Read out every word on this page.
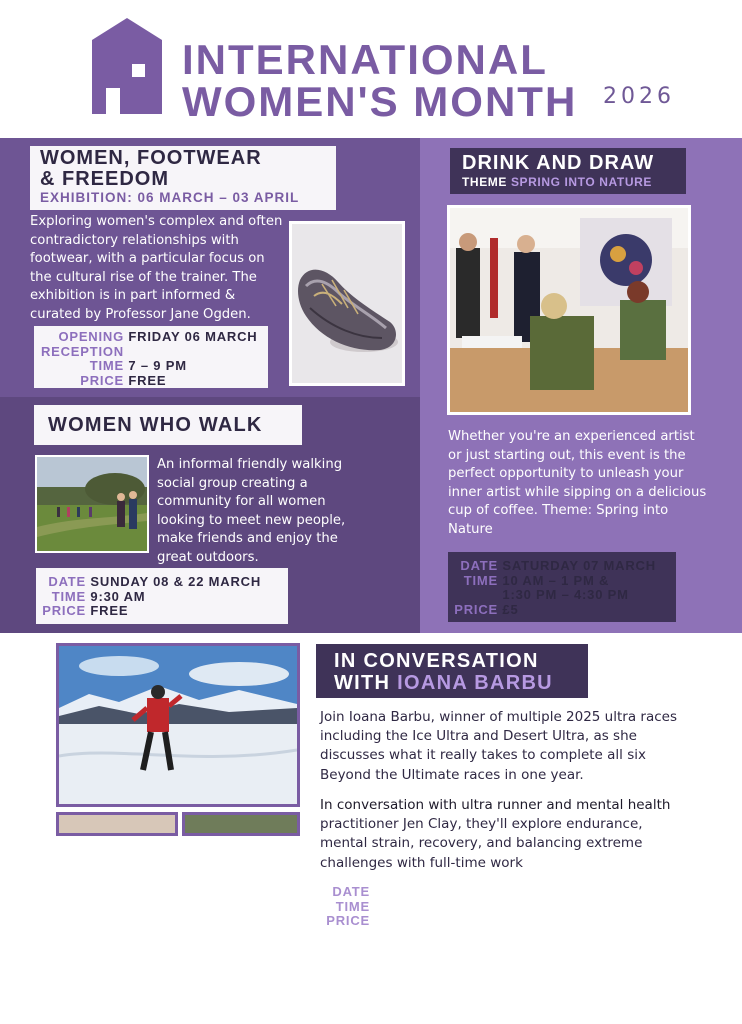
INTERNATIONAL
WOMEN'S MONTH 2026
WOMEN, FOOTWEAR
& FREEDOM
EXHIBITION: 06 MARCH – 03 APRIL
Exploring women's complex and often contradictory relationships with footwear, with a particular focus on the cultural rise of the trainer. The exhibition is in part informed & curated by Professor Jane Ogden.
OPENING FRIDAY 06 MARCH
RECEPTION
TIME 7 – 9 PM
PRICE FREE
WOMEN WHO WALK
An informal friendly walking social group creating a community for all women looking to meet new people, make friends and enjoy the great outdoors.
DATE SUNDAY 08 & 22 MARCH
TIME 9:30 AM
PRICE FREE
DRINK AND DRAW
THEME SPRING INTO NATURE
Whether you're an experienced artist or just starting out, this event is the perfect opportunity to unleash your inner artist while sipping on a delicious cup of coffee. Theme: Spring into Nature
DATE SATURDAY 07 MARCH
TIME 10 AM – 1 PM &
1:30 PM – 4:30 PM
PRICE £5
IN CONVERSATION
WITH IOANA BARBU
Join Ioana Barbu, winner of multiple 2025 ultra races including the Ice Ultra and Desert Ultra, as she discusses what it really takes to complete all six Beyond the Ultimate races in one year.
In conversation with ultra runner and mental health practitioner Jen Clay, they'll explore endurance, mental strain, recovery, and balancing extreme challenges with full-time work
DATE
TIME
PRICE
